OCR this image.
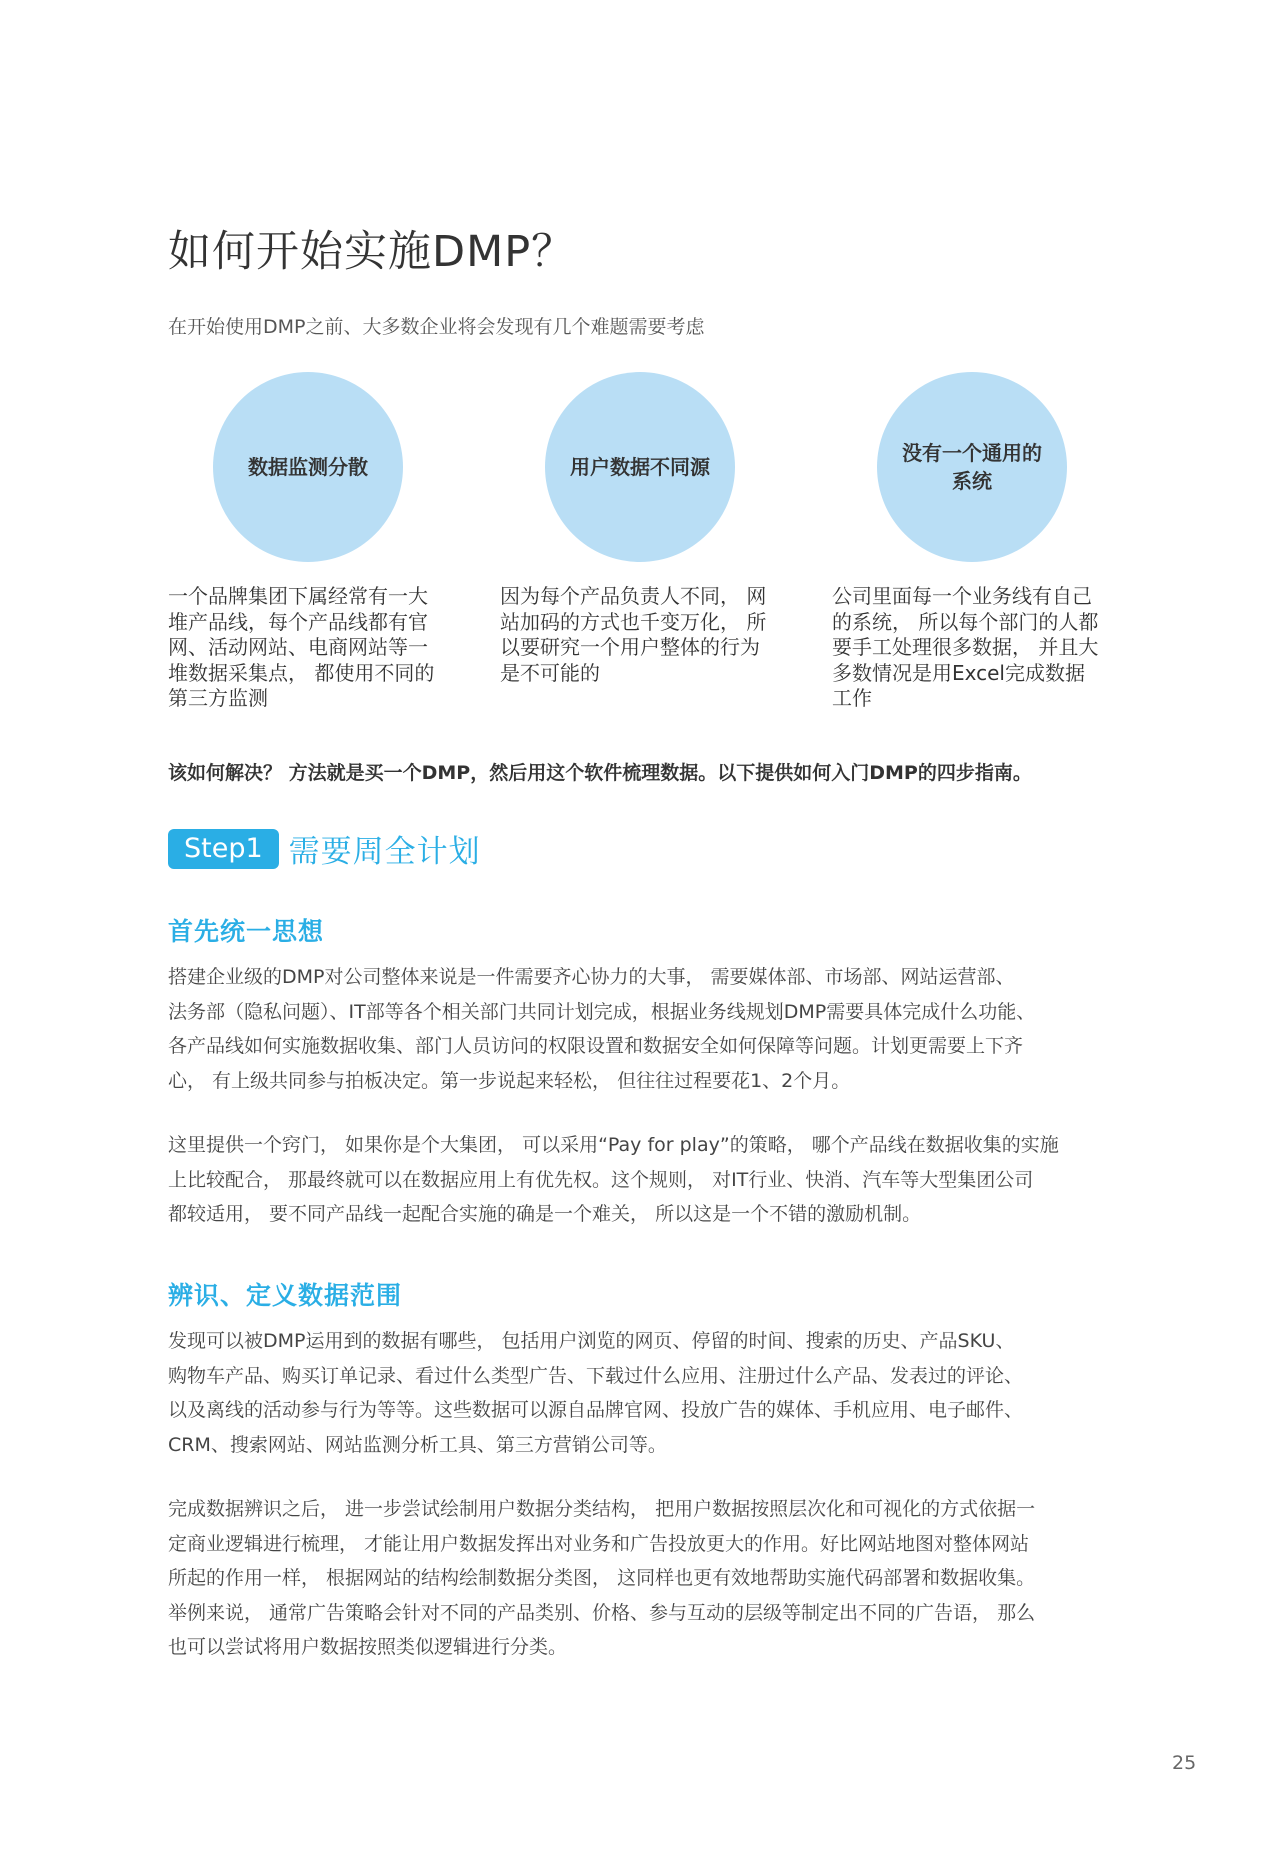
如何开始实施DMP？

在开始使用DMP之前、大多数企业将会发现有几个难题需要考虑

数据监测分散	用户数据不同源
没有一个通用的
系统
一个品牌集团下属经常有一大
堆产品线，每个产品线都有官
网、活动网站、电商网站等一
堆数据采集点， 都使用不同的
第三方监测
因为每个产品负责人不同， 网
站加码的方式也千变万化， 所
以要研究一个用户整体的行为
是不可能的
公司里面每一个业务线有自己
的系统， 所以每个部门的人都
要手工处理很多数据， 并且大
多数情况是用Excel完成数据
工作

该如何解决？ 方法就是买一个DMP，然后用这个软件梳理数据。以下提供如何入门DMP的四步指南。

Step1 需要周全计划
首先统一思想
搭建企业级的DMP对公司整体来说是一件需要齐心协力的大事， 需要媒体部、市场部、网站运营部、
法务部（隐私问题）、IT部等各个相关部门共同计划完成，根据业务线规划DMP需要具体完成什么功能、
各产品线如何实施数据收集、部门人员访问的权限设置和数据安全如何保障等问题。计划更需要上下齐
心， 有上级共同参与拍板决定。第一步说起来轻松， 但往往过程要花1、2个月。
这里提供一个窍门， 如果你是个大集团， 可以采用“Pay for play”的策略， 哪个产品线在数据收集的实施
上比较配合， 那最终就可以在数据应用上有优先权。这个规则， 对IT行业、快消、汽车等大型集团公司
都较适用， 要不同产品线一起配合实施的确是一个难关， 所以这是一个不错的激励机制。
辨识、定义数据范围
发现可以被DMP运用到的数据有哪些， 包括用户浏览的网页、停留的时间、搜索的历史、产品SKU、
购物车产品、购买订单记录、看过什么类型广告、下载过什么应用、注册过什么产品、发表过的评论、
以及离线的活动参与行为等等。这些数据可以源自品牌官网、投放广告的媒体、手机应用、电子邮件、
CRM、搜索网站、网站监测分析工具、第三方营销公司等。
完成数据辨识之后， 进一步尝试绘制用户数据分类结构， 把用户数据按照层次化和可视化的方式依据一
定商业逻辑进行梳理， 才能让用户数据发挥出对业务和广告投放更大的作用。好比网站地图对整体网站
所起的作用一样， 根据网站的结构绘制数据分类图， 这同样也更有效地帮助实施代码部署和数据收集。
举例来说， 通常广告策略会针对不同的产品类别、价格、参与互动的层级等制定出不同的广告语， 那么
也可以尝试将用户数据按照类似逻辑进行分类。
25
